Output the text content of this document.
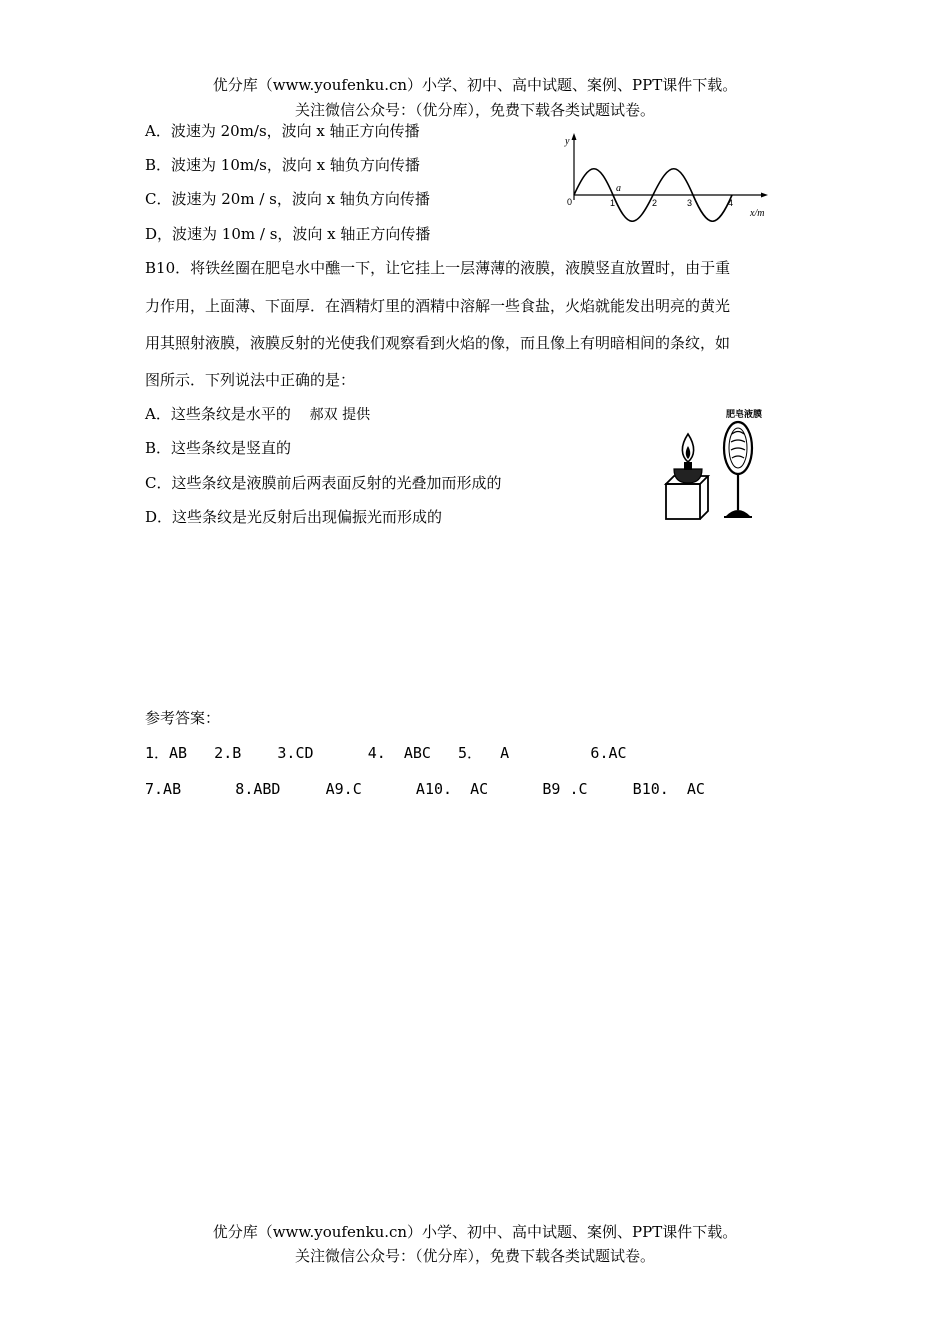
优分库（www.youfenku.cn）小学、初中、高中试题、案例、PPT课件下载。
关注微信公众号：（优分库），免费下载各类试题试卷。
A．波速为 20m/s，波向 x 轴正方向传播
B．波速为 10m/s，波向 x 轴负方向传播
C．波速为 20m / s，波向 x 轴负方向传播
D，波速为 10m / s，波向 x 轴正方向传播
y
x/m
0	1	2	3	4
a
B10．将铁丝圈在肥皂水中醮一下，让它挂上一层薄薄的液膜，液膜竖直放置时，由于重
力作用，上面薄、下面厚．在酒精灯里的酒精中溶解一些食盐，火焰就能发出明亮的黄光
用其照射液膜，液膜反射的光使我们观察看到火焰的像，而且像上有明暗相间的条纹，如
图所示．下列说法中正确的是：
A．这些条纹是水平的 郝双 提供
B．这些条纹是竖直的
C．这些条纹是液膜前后两表面反射的光叠加而形成的
D．这些条纹是光反射后出现偏振光而形成的
肥皂液膜
参考答案：
1．AB   2.B    3.CD      4.  ABC   5．  A         6.AC
7.AB      8.ABD     A9.C      A10.  AC      B9 .C     B10.  AC
优分库（www.youfenku.cn）小学、初中、高中试题、案例、PPT课件下载。
关注微信公众号：（优分库），免费下载各类试题试卷。
